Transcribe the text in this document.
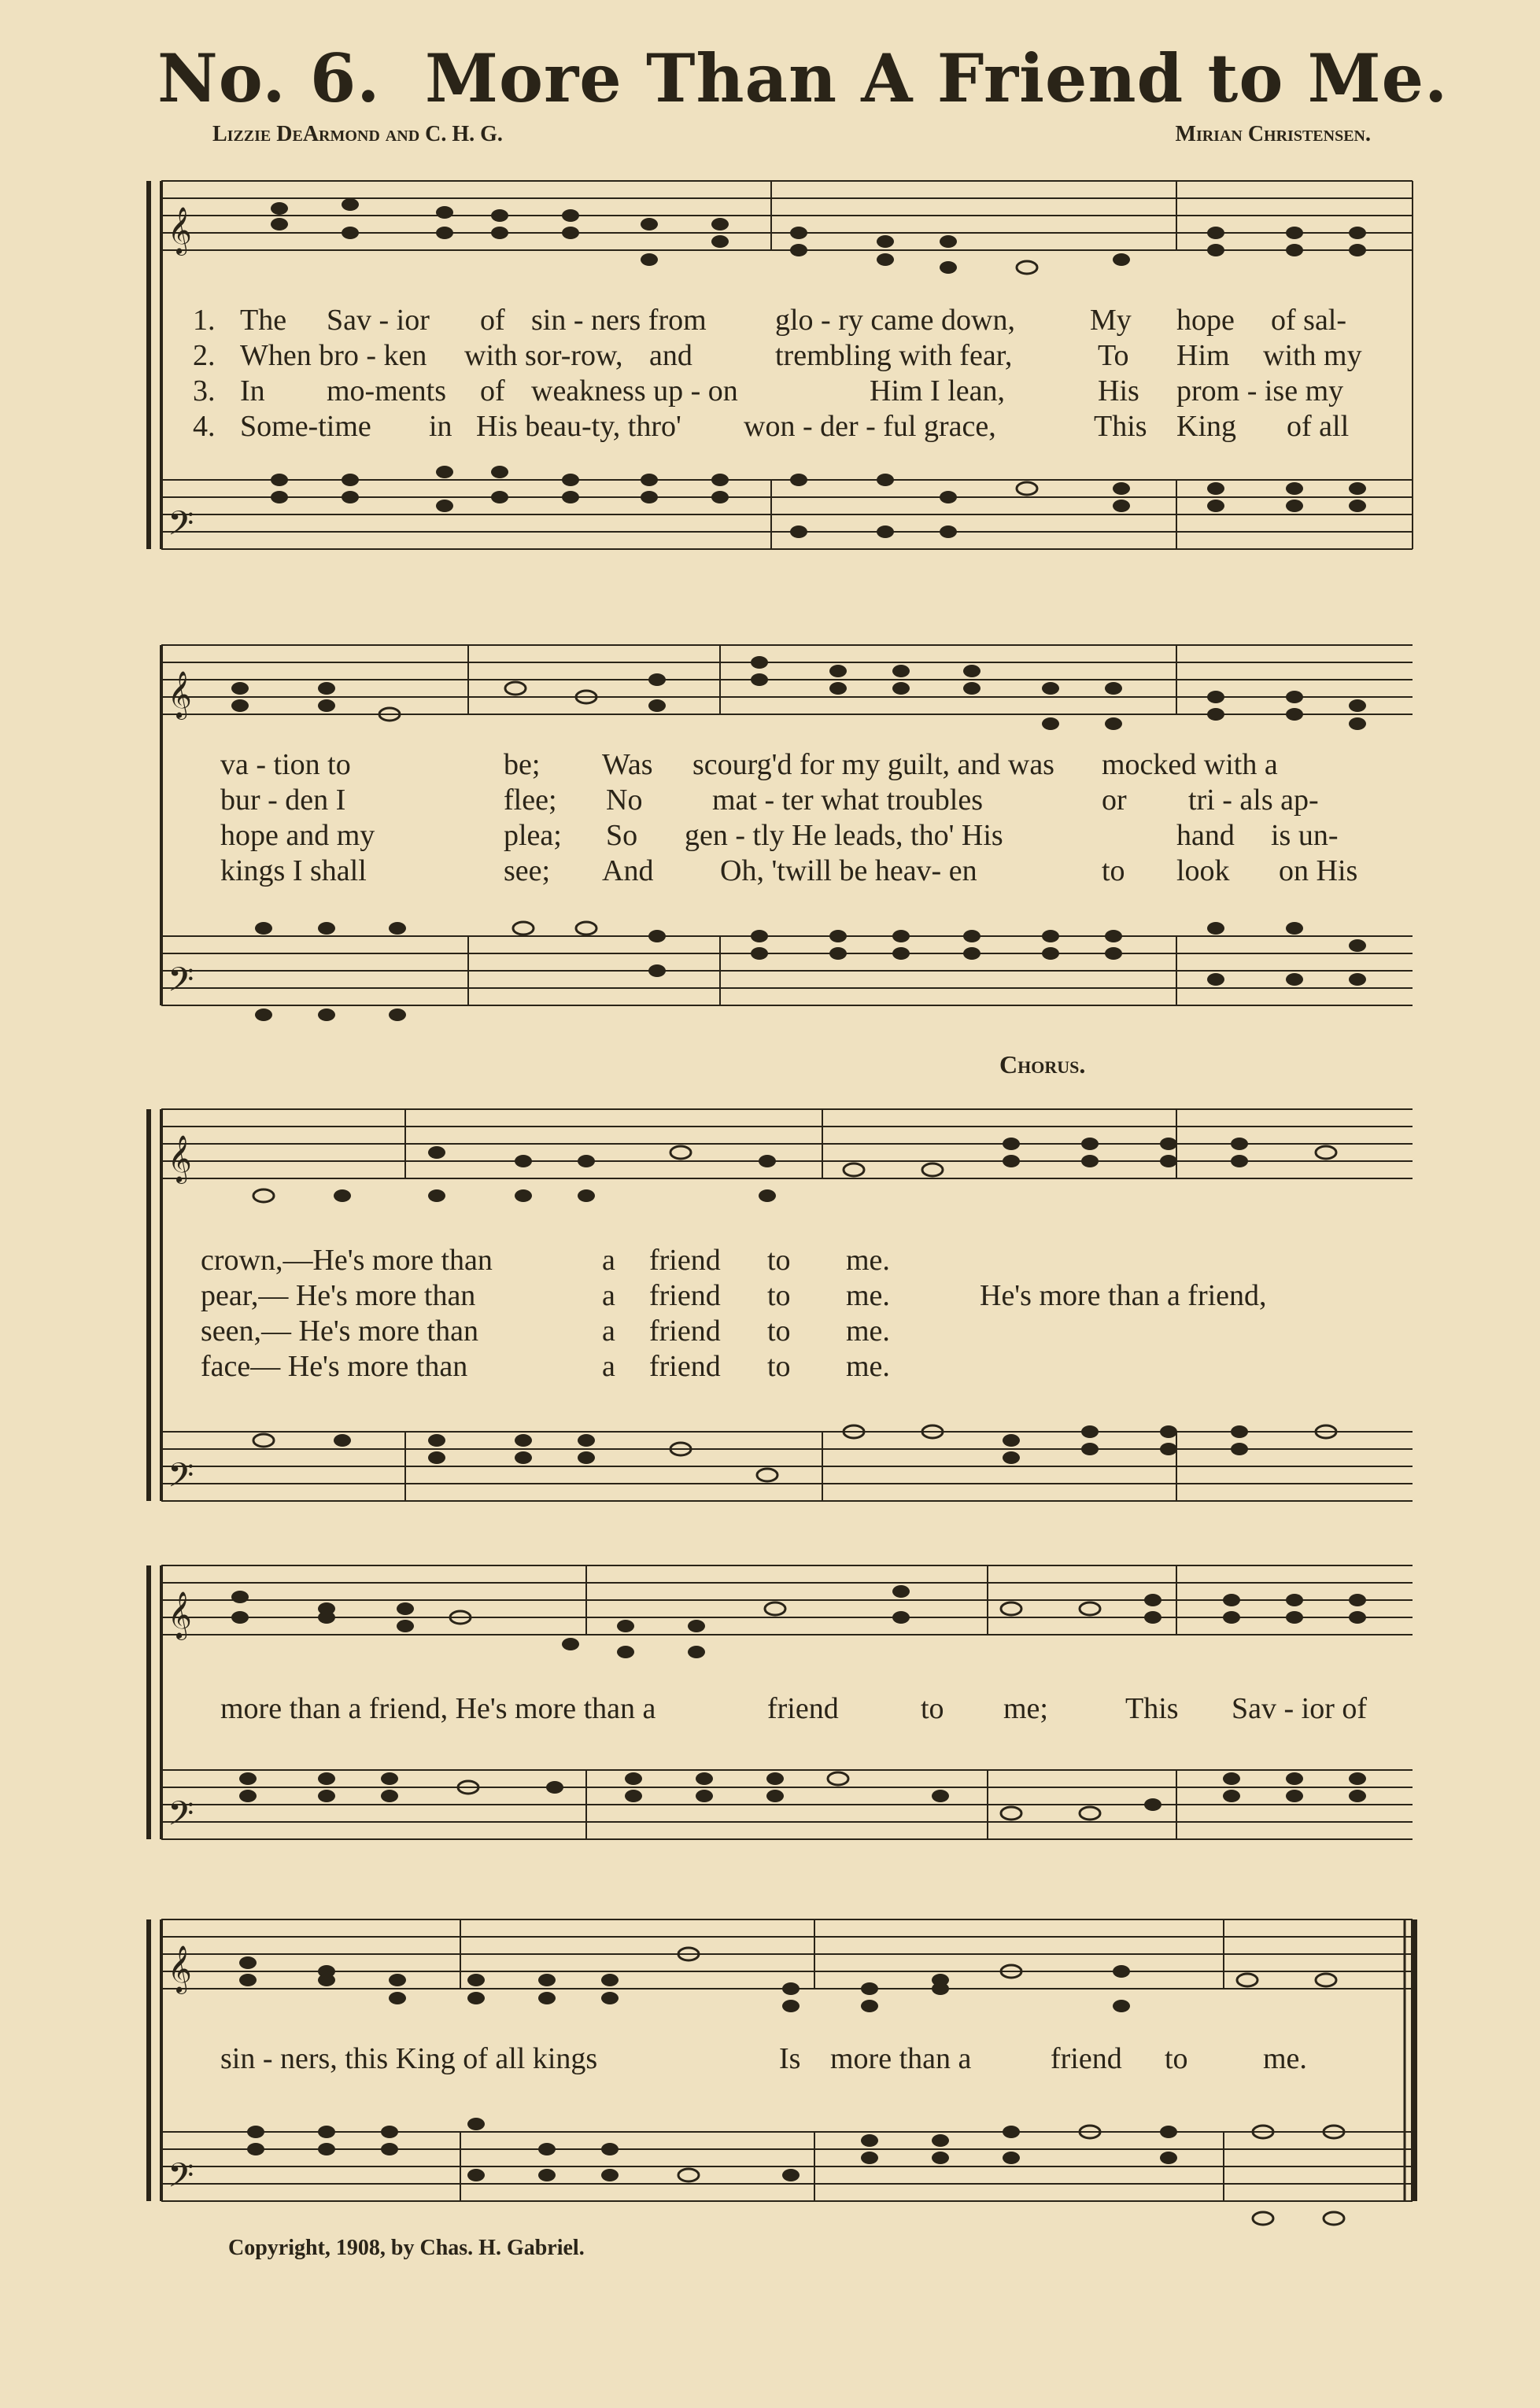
No. 6. More Than A Friend to Me.
Lizzie DeArmond and C. H. G.	Mirian Christensen.
𝄞
𝄢
1. The Sav - ior of sin - ners from glo - ry came down,	My hope of sal-
2. When bro - ken with sor-row, and	trembling with fear,	To Him with my
3. In mo-ments of weakness up - on	Him I lean,	His prom - ise my
4. Some-time in His beau-ty, thro' won - der - ful grace,	This King of all
𝄞
𝄢
va - tion to	be; Was scourg'd for my guilt, and was mocked with a
bur - den I	flee; No mat - ter what troubles	or tri - als ap-
hope and my	plea; So gen - tly He leads, tho' His	hand is un-
kings I shall	see; And Oh, 'twill be heav- en	to look on His
Chorus.
𝄞
𝄢
crown,—He's more than	a friend to me.
pear,— He's more than	a friend to me.	He's more than a friend,
seen,— He's more than	a friend to me.
face— He's more than	a friend to me.
𝄞
𝄢
more than a friend, He's more than a	friend	to me;	This Sav - ior of
𝄞
𝄢
sin - ners, this King of all kings	Is more than a	friend to	me.
Copyright, 1908, by Chas. H. Gabriel.
